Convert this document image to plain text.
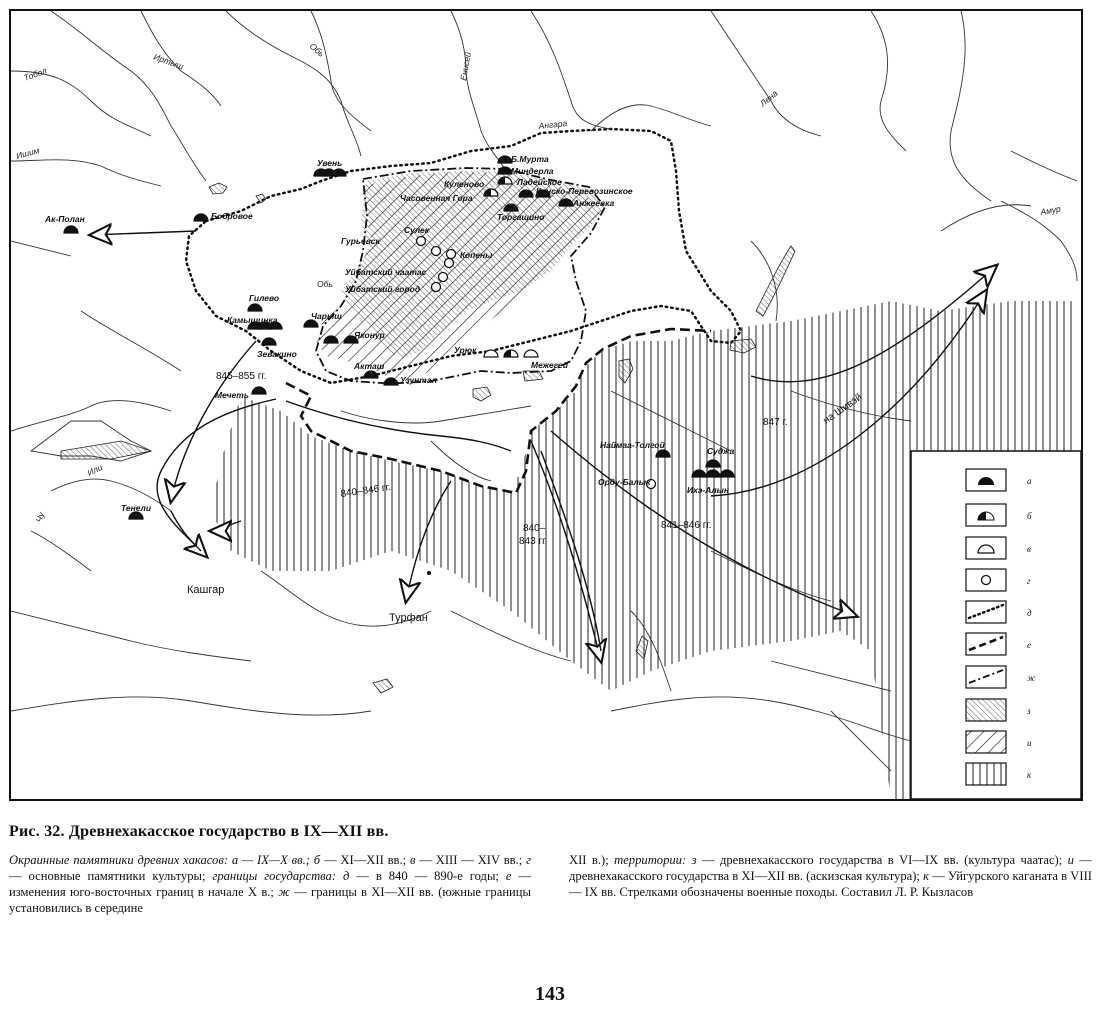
845–855 гг.
840–846 гг.
840–
843 гг.
847 г.
841–846 гг.
на Шивэй
Кашгар
Турфан
Тобол
Иртыш
Обь
Обь
Енисей
Лена
Ангара
Ишим
Или
Чу
Амур
Увень
Ак-Полан	Бобровое
Б.Мурта
Миндерла
Куленово	Ладейское
Канско-Перевозинское
Часовенная Гора	Анжеевка
Торгашино
Сулек
Гурьевск
Копены
Уйбатский чаатас
Уйбатский город
Гилево
Камышинка	Чарыш
Яконур
Зевакино	Урюк
Межегей
Акташ
Узунтал
Мечеть
Тенели
Наймаа-Толгой
Суджа
Орду-Балык
Ихэ-Алын
а
б
в
г
д
е
ж
з
и
к
Рис. 32. Древнехакасское государство в IX—XII вв.
Окраинные памятники древних хакасов: а — IX—X вв.; б — XI—XII вв.; в — XIII — XIV вв.; г — основные памятники культуры; границы государства: д — в 840 — 890-е годы; е — изменения юго-восточных границ в начале X в.; ж — границы в XI—XII вв. (южные границы установились в середине
XII в.); территории: з — древнехакасского государства в VI—IX вв. (культура чаатас); и — древнехакасского государства в XI—XII вв. (аскизская культура); к — Уйгурского каганата в VIII — IX вв. Стрелками обозначены военные походы. Составил Л. Р. Кызласов
143
